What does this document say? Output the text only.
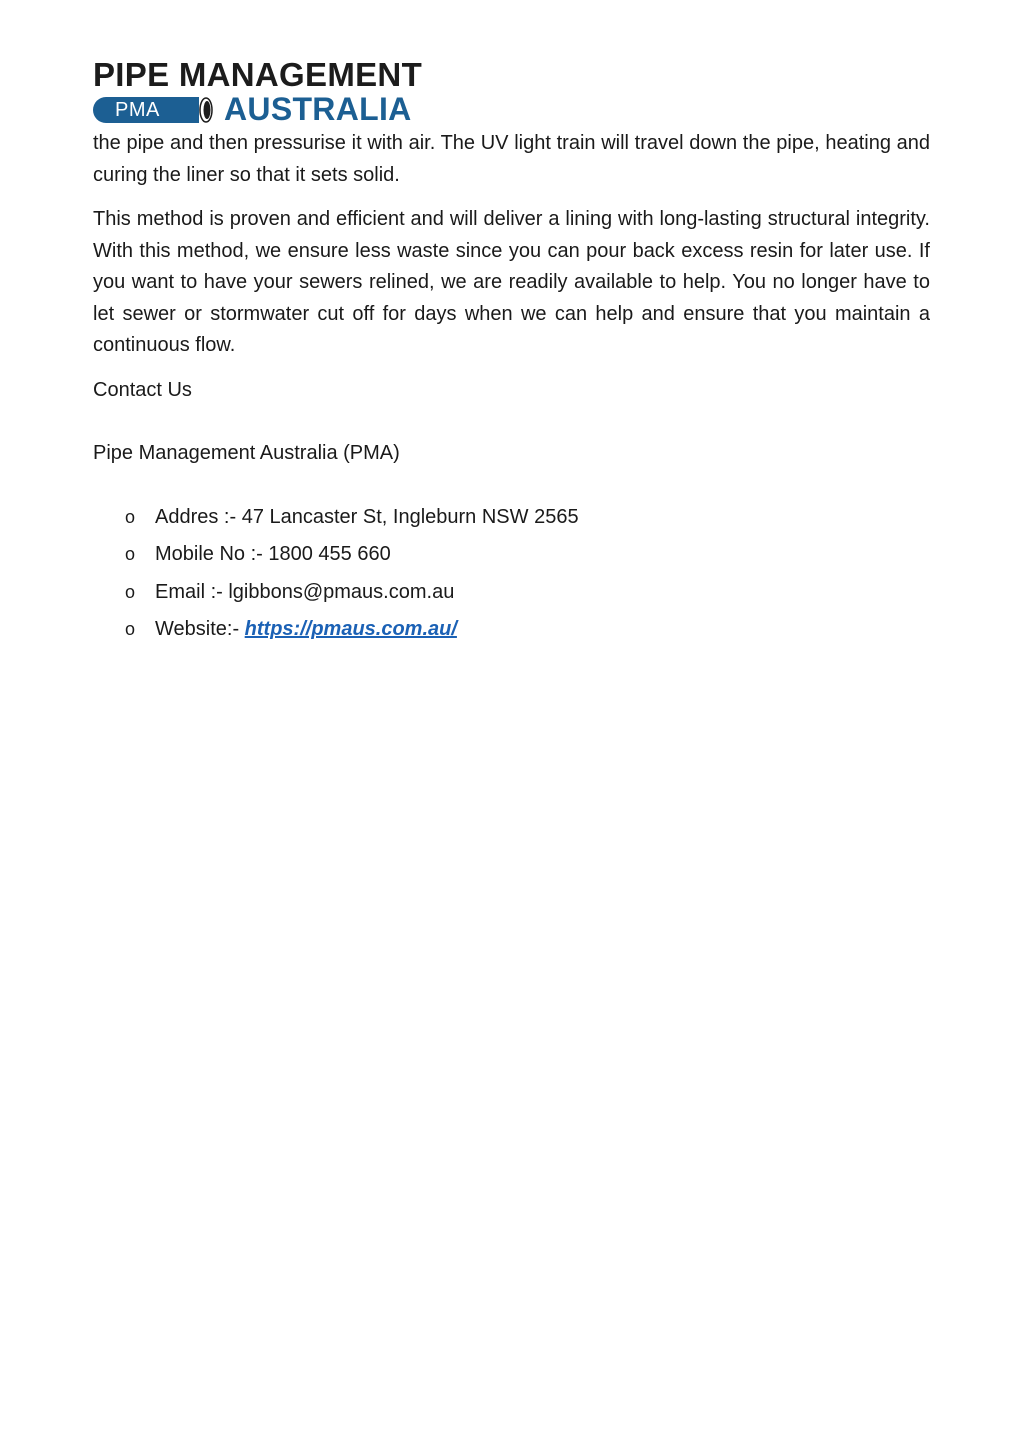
PIPE MANAGEMENT
PMA AUSTRALIA

the pipe and then pressurise it with air. The UV light train will travel down the pipe, heating and curing the liner so that it sets solid.

This method is proven and efficient and will deliver a lining with long-lasting structural integrity. With this method, we ensure less waste since you can pour back excess resin for later use. If you want to have your sewers relined, we are readily available to help. You no longer have to let sewer or stormwater cut off for days when we can help and ensure that you maintain a continuous flow.

Contact Us

Pipe Management Australia (PMA)

o Addres :- 47 Lancaster St, Ingleburn NSW 2565
o Mobile No :- 1800 455 660
o Email :- lgibbons@pmaus.com.au
o Website:- https://pmaus.com.au/
